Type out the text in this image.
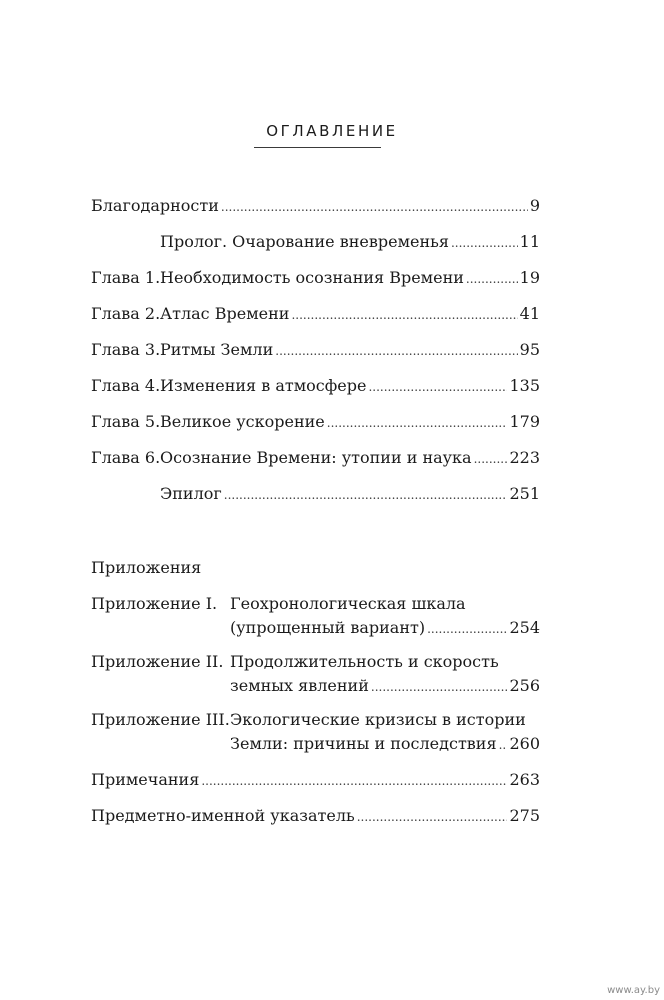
ОГЛАВЛЕНИЕ
Благодарности .....	9
Пролог. Очарование вневременья .....	11
Глава 1. Необходимость осознания Времени .....	19
Глава 2. Атлас Времени .....	41
Глава 3. Ритмы Земли .....	95
Глава 4. Изменения в атмосфере .....	135
Глава 5. Великое ускорение .....	179
Глава 6. Осознание Времени: утопии и наука ..... 223
Эпилог .....	251
Приложения
Приложение I. Геохронологическая шкала
(упрощенный вариант) .....	254
Приложение II. Продолжительность и скорость
земных явлений .....	256
Приложение III. Экологические кризисы в истории
Земли: причины и последствия ..... 260
Примечания .....	263
Предметно-именной указатель .....	275
www.ay.by
